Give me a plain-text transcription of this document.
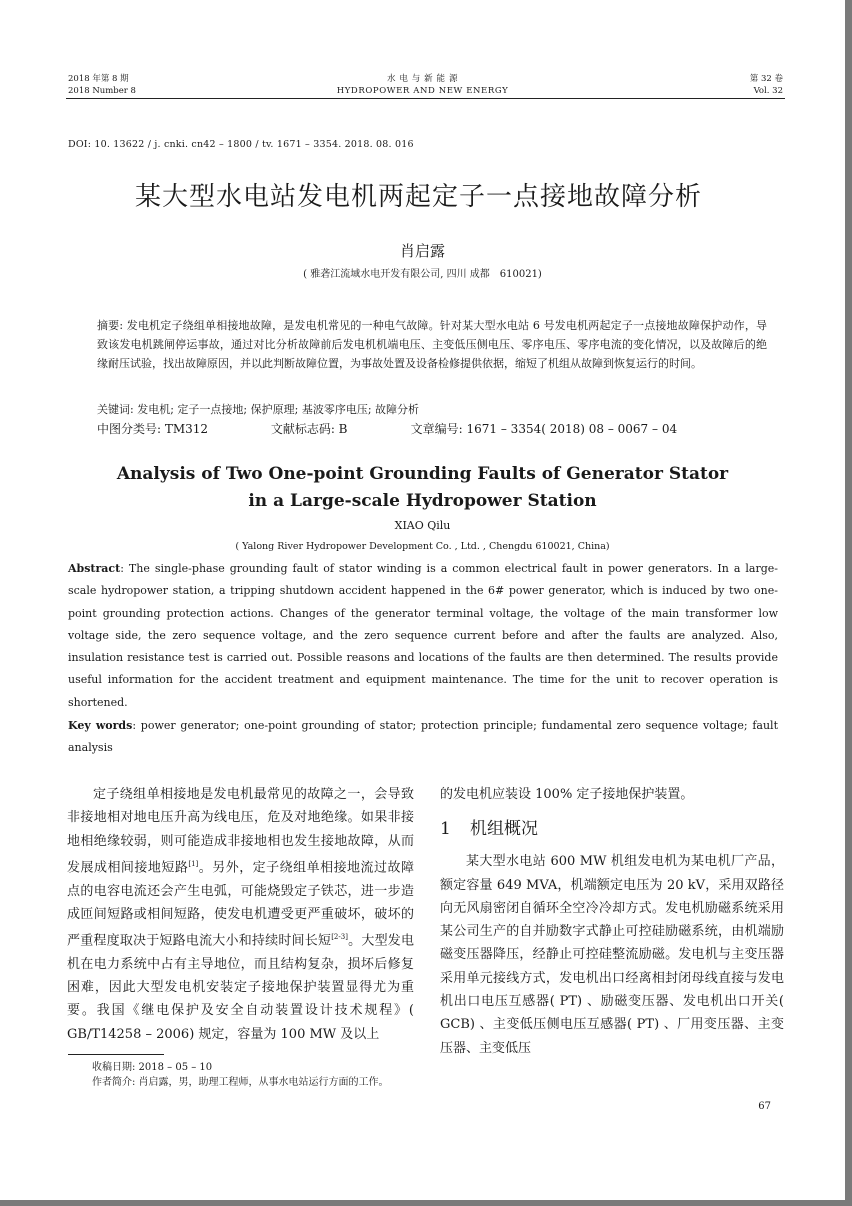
2018 年第 8 期
2018 Number 8
水 电 与 新 能 源
HYDROPOWER AND NEW ENERGY
第 32 卷
Vol. 32
DOI: 10. 13622 / j. cnki. cn42 – 1800 / tv. 1671 – 3354. 2018. 08. 016
某大型水电站发电机两起定子一点接地故障分析
肖启露
( 雅砻江流域水电开发有限公司, 四川 成都　610021)
摘要: 发电机定子绕组单相接地故障，是发电机常见的一种电气故障。针对某大型水电站 6 号发电机两起定子一点接地故障保护动作，导致该发电机跳闸停运事故，通过对比分析故障前后发电机机端电压、主变低压侧电压、零序电压、零序电流的变化情况，以及故障后的绝缘耐压试验，找出故障原因，并以此判断故障位置，为事故处置及设备检修提供依据，缩短了机组从故障到恢复运行的时间。
关键词: 发电机; 定子一点接地; 保护原理; 基波零序电压; 故障分析
中图分类号: TM312	文献标志码: B	文章编号: 1671 – 3354( 2018) 08 – 0067 – 04
Analysis of Two One-point Grounding Faults of Generator Stator
in a Large-scale Hydropower Station
XIAO Qilu
( Yalong River Hydropower Development Co. , Ltd. , Chengdu 610021, China)
Abstract: The single-phase grounding fault of stator winding is a common electrical fault in power generators. In a large-scale hydropower station, a tripping shutdown accident happened in the 6# power generator, which is induced by two one-point grounding protection actions. Changes of the generator terminal voltage, the voltage of the main transformer low voltage side, the zero sequence voltage, and the zero sequence current before and after the faults are analyzed. Also, insulation resistance test is carried out. Possible reasons and locations of the faults are then determined. The results provide useful information for the accident treatment and equipment maintenance. The time for the unit to recover operation is shortened.
Key words: power generator; one-point grounding of stator; protection principle; fundamental zero sequence voltage; fault analysis

定子绕组单相接地是发电机最常见的故障之一，会导致非接地相对地电压升高为线电压，危及对地绝缘。如果非接地相绝缘较弱，则可能造成非接地相也发生接地故障，从而发展成相间接地短路[1]。另外，定子绕组单相接地流过故障点的电容电流还会产生电弧，可能烧毁定子铁芯，进一步造成匝间短路或相间短路，使发电机遭受更严重破坏，破坏的严重程度取决于短路电流大小和持续时间长短[2-3]。大型发电机在电力系统中占有主导地位，而且结构复杂，损坏后修复困难，因此大型发电机安装定子接地保护装置显得尤为重要。我国《继电保护及安全自动装置设计技术规程》( GB/T14258 – 2006) 规定，容量为 100 MW 及以上

的发电机应装设 100% 定子接地保护装置。

1 机组概况

某大型水电站 600 MW 机组发电机为某电机厂产品，额定容量 649 MVA，机端额定电压为 20 kV，采用双路径向无风扇密闭自循环全空冷冷却方式。发电机励磁系统采用某公司生产的自并励数字式静止可控硅励磁系统，由机端励磁变压器降压，经静止可控硅整流励磁。发电机与主变压器采用单元接线方式，发电机出口经离相封闭母线直接与发电机出口电压互感器( PT) 、励磁变压器、发电机出口开关( GCB) 、主变低压侧电压互感器( PT) 、厂用变压器、主变压器、主变低压

收稿日期: 2018 – 05 – 10
作者简介: 肖启露，男，助理工程师，从事水电站运行方面的工作。
67
